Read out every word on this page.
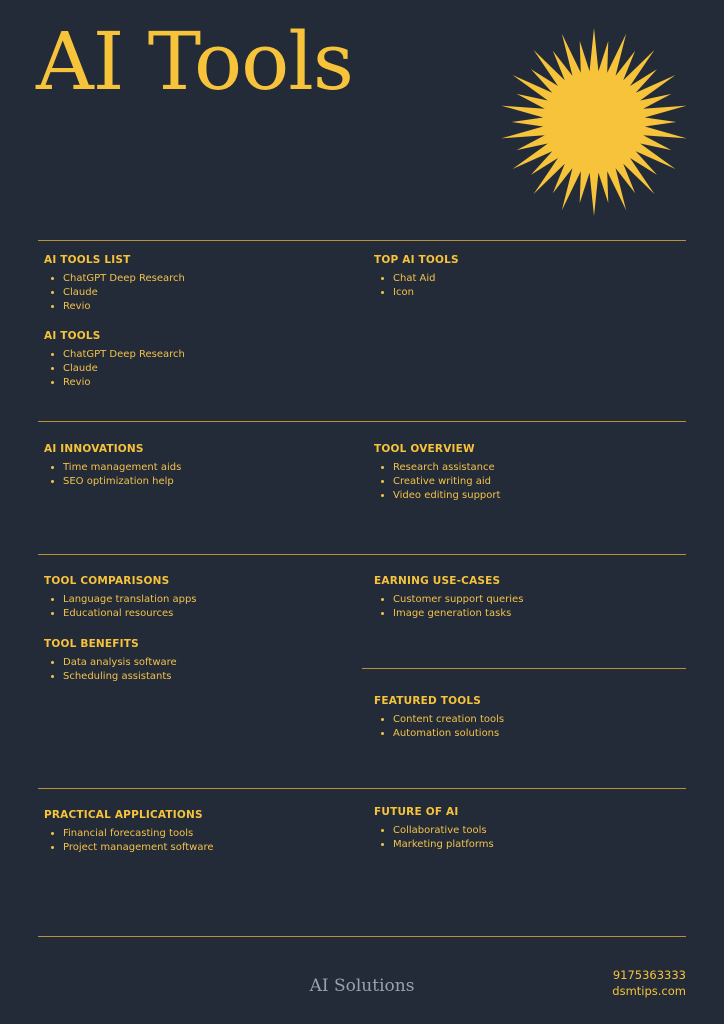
AI Tools
AI TOOLS LIST
ChatGPT Deep Research
Claude
Revio
AI TOOLS
ChatGPT Deep Research
Claude
Revio
TOP AI TOOLS
Chat Aid
Icon
AI INNOVATIONS
Time management aids
SEO optimization help
TOOL OVERVIEW
Research assistance
Creative writing aid
Video editing support
TOOL COMPARISONS
Language translation apps
Educational resources
TOOL BENEFITS
Data analysis software
Scheduling assistants
EARNING USE-CASES
Customer support queries
Image generation tasks
FEATURED TOOLS
Content creation tools
Automation solutions
PRACTICAL APPLICATIONS
Financial forecasting tools
Project management software
FUTURE OF AI
Collaborative tools
Marketing platforms
AI Solutions
9175363333
dsmtips.com
